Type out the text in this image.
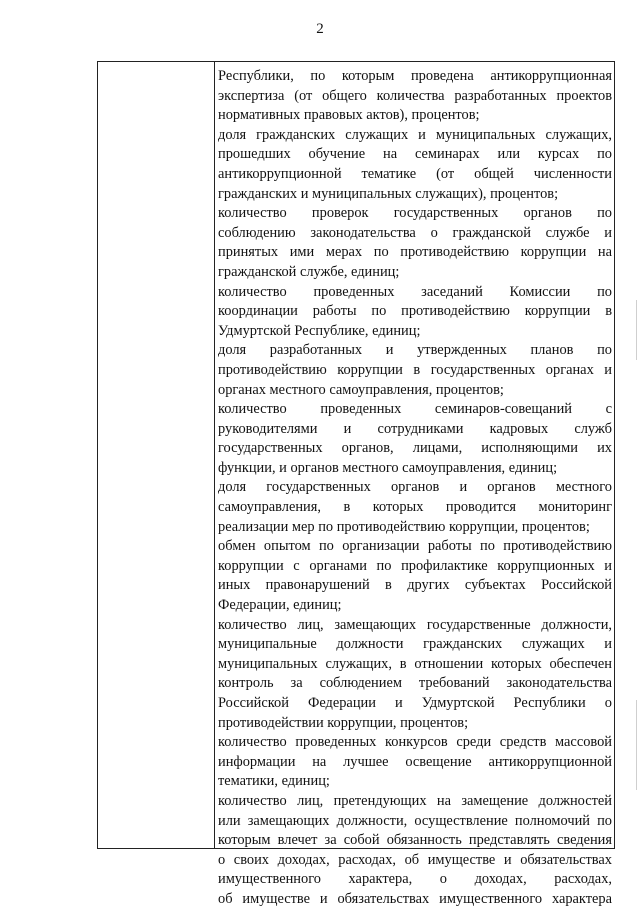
2
Республики, по которым проведена антикоррупционная
экспертиза (от общего количества разработанных проектов
нормативных правовых актов), процентов;
доля гражданских служащих и муниципальных служащих,
прошедших обучение на семинарах или курсах по
антикоррупционной тематике (от общей численности
гражданских и муниципальных служащих), процентов;
количество проверок государственных органов по
соблюдению законодательства о гражданской службе и
принятых ими мерах по противодействию коррупции на
гражданской службе, единиц;
количество проведенных заседаний Комиссии по
координации работы по противодействию коррупции в
Удмуртской Республике, единиц;
доля разработанных и утвержденных планов по
противодействию коррупции в государственных органах и
органах местного самоуправления, процентов;
количество проведенных семинаров-совещаний с
руководителями и сотрудниками кадровых служб
государственных органов, лицами, исполняющими их
функции, и органов местного самоуправления, единиц;
доля государственных органов и органов местного
самоуправления, в которых проводится мониторинг
реализации мер по противодействию коррупции, процентов;
обмен опытом по организации работы по противодействию
коррупции с органами по профилактике коррупционных и
иных правонарушений в других субъектах Российской
Федерации, единиц;
количество лиц, замещающих государственные должности,
муниципальные должности гражданских служащих и
муниципальных служащих, в отношении которых обеспечен
контроль за соблюдением требований законодательства
Российской Федерации и Удмуртской Республики о
противодействии коррупции, процентов;
количество проведенных конкурсов среди средств массовой
информации на лучшее освещение антикоррупционной
тематики, единиц;
количество лиц, претендующих на замещение должностей
или замещающих должности, осуществление полномочий по
которым влечет за собой обязанность представлять сведения
о своих доходах, расходах, об имуществе и обязательствах
имущественного характера, о доходах, расходах,
об имуществе и обязательствах имущественного характера
